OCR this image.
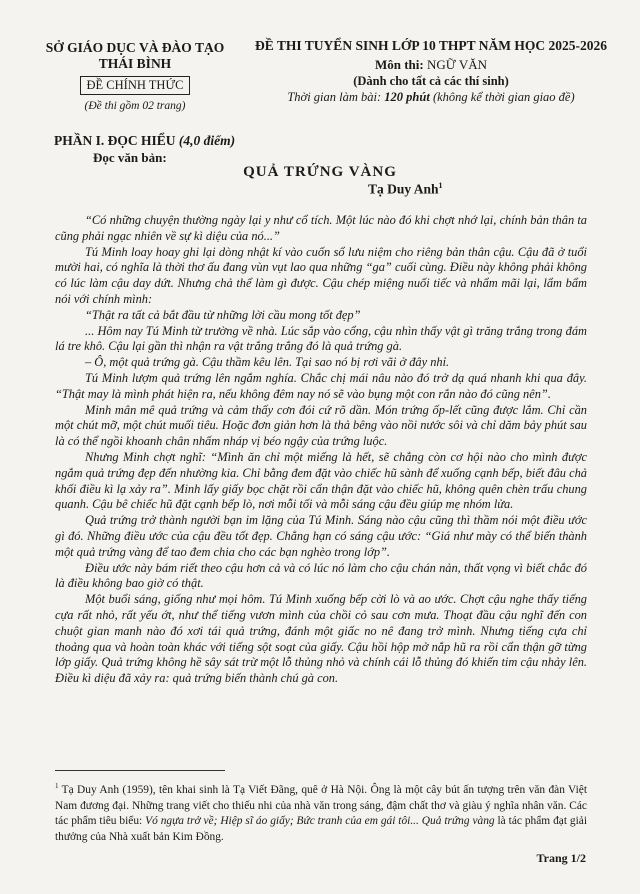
SỞ GIÁO DỤC VÀ ĐÀO TẠO
THÁI BÌNH
ĐỀ CHÍNH THỨC
(Đề thi gồm 02 trang)
ĐỀ THI TUYỂN SINH LỚP 10 THPT NĂM HỌC 2025-2026
Môn thi: NGỮ VĂN
(Dành cho tất cả các thí sinh)
Thời gian làm bài: 120 phút (không kể thời gian giao đề)
PHẦN I. ĐỌC HIỂU (4,0 điểm)
Đọc văn bản:
QUẢ TRỨNG VÀNG
Tạ Duy Anh$^1$

“Có những chuyện thường ngày lại y như cổ tích. Một lúc nào đó khi chợt nhớ lại, chính bản thân ta cũng phải ngạc nhiên về sự kì diệu của nó...”

Tú Minh loay hoay ghi lại dòng nhật kí vào cuốn sổ lưu niệm cho riêng bản thân cậu. Cậu đã ở tuổi mười hai, có nghĩa là thời thơ ấu đang vùn vụt lao qua những “ga” cuối cùng. Điều này không phải không có lúc làm cậu day dứt. Nhưng chả thể làm gì được. Cậu chép miệng nuối tiếc và nhẩm mãi lại, lẩm bẩm nói với chính mình:

“Thật ra tất cả bắt đầu từ những lời cầu mong tốt đẹp”

... Hôm nay Tú Minh từ trường về nhà. Lúc sắp vào cổng, cậu nhìn thấy vật gì trăng trắng trong đám lá tre khô. Cậu lại gần thì nhận ra vật trắng trắng đó là quả trứng gà.

– Ô, một quả trứng gà. Cậu thầm kêu lên. Tại sao nó bị rơi vãi ở đây nhỉ.

Tú Minh lượm quả trứng lên ngắm nghía. Chắc chị mái nâu nào đó trở dạ quá nhanh khi qua đây. “Thật may là mình phát hiện ra, nếu không đêm nay nó sẽ vào bụng một con rắn nào đó cũng nên”.

Minh mân mê quả trứng và cảm thấy cơn đói cứ rõ dần. Món trứng ốp-lết cũng được lắm. Chỉ cần một chút mỡ, một chút muối tiêu. Hoặc đơn giản hơn là thả bêng vào nồi nước sôi và chỉ dăm bảy phút sau là có thể ngồi khoanh chân nhấm nháp vị béo ngậy của trứng luộc.

Nhưng Minh chợt nghĩ: “Mình ăn chỉ một miếng là hết, sẽ chẳng còn cơ hội nào cho mình được ngắm quả trứng đẹp đến nhường kia. Chỉ bằng đem đặt vào chiếc hũ sành để xuống cạnh bếp, biết đâu chả khối điều kì lạ xảy ra”. Minh lấy giấy bọc chặt rồi cẩn thận đặt vào chiếc hũ, không quên chèn trấu chung quanh. Cậu bê chiếc hũ đặt cạnh bếp lò, nơi mỗi tối và mỗi sáng cậu đều giúp mẹ nhóm lửa.

Quả trứng trở thành người bạn im lặng của Tú Minh. Sáng nào cậu cũng thì thầm nói một điều ước gì đó. Những điều ước của cậu đều tốt đẹp. Chẳng hạn có sáng cậu ước: “Giá như mày có thể biến thành một quả trứng vàng để tao đem chia cho các bạn nghèo trong lớp”.

Điều ước này bám riết theo cậu hơn cả và có lúc nó làm cho cậu chán nản, thất vọng vì biết chắc đó là điều không bao giờ có thật.

Một buổi sáng, giống như mọi hôm. Tú Minh xuống bếp cời lò và ao ước. Chợt cậu nghe thấy tiếng cựa rất nhỏ, rất yếu ớt, như thể tiếng vươn mình của chồi cỏ sau cơn mưa. Thoạt đầu cậu nghĩ đến con chuột gian manh nào đó xơi tái quả trứng, đánh một giấc no nê đang trở mình. Nhưng tiếng cựa chỉ thoảng qua và hoàn toàn khác với tiếng sột soạt của giấy. Cậu hồi hộp mở nắp hũ ra rồi cẩn thận gỡ từng lớp giấy. Quả trứng không hề sây sát trừ một lỗ thủng nhỏ và chính cái lỗ thủng đó khiến tim cậu nhảy lên. Điều kì diệu đã xảy ra: quả trứng biến thành chú gà con.

$^1$ Tạ Duy Anh (1959), tên khai sinh là Tạ Viết Đãng, quê ở Hà Nội. Ông là một cây bút ấn tượng trên văn đàn Việt Nam đương đại. Những trang viết cho thiếu nhi của nhà văn trong sáng, đậm chất thơ và giàu ý nghĩa nhân văn. Các tác phẩm tiêu biểu: Vó ngựa trở về; Hiệp sĩ áo giấy; Bức tranh của em gái tôi... Quả trứng vàng là tác phẩm đạt giải thưởng của Nhà xuất bản Kim Đồng.
Trang 1/2
